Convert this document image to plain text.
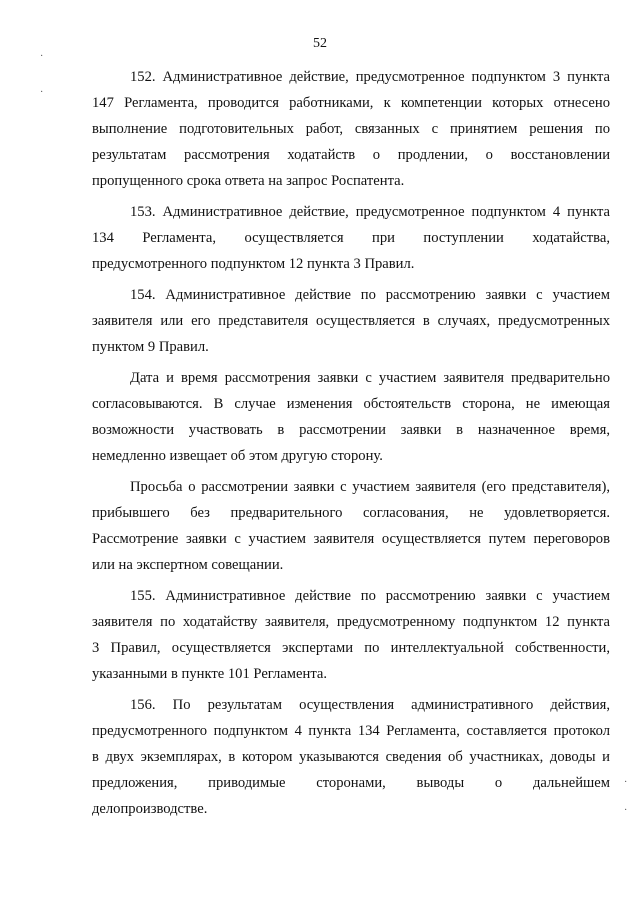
52
152. Административное действие, предусмотренное подпунктом 3 пункта
147 Регламента, проводится работниками, к компетенции которых отнесено
выполнение подготовительных работ, связанных с принятием решения по
результатам рассмотрения ходатайств о продлении, о восстановлении
пропущенного срока ответа на запрос Роспатента.
153. Административное действие, предусмотренное подпунктом 4 пункта
134 Регламента, осуществляется при поступлении ходатайства,
предусмотренного подпунктом 12 пункта 3 Правил.
154. Административное действие по рассмотрению заявки с участием
заявителя или его представителя осуществляется в случаях, предусмотренных
пунктом 9 Правил.
Дата и время рассмотрения заявки с участием заявителя предварительно
согласовываются. В случае изменения обстоятельств сторона, не имеющая
возможности участвовать в рассмотрении заявки в назначенное время,
немедленно извещает об этом другую сторону.
Просьба о рассмотрении заявки с участием заявителя (его представителя),
прибывшего без предварительного согласования, не удовлетворяется.
Рассмотрение заявки с участием заявителя осуществляется путем переговоров
или на экспертном совещании.
155. Административное действие по рассмотрению заявки с участием
заявителя по ходатайству заявителя, предусмотренному подпунктом 12 пункта
3 Правил, осуществляется экспертами по интеллектуальной собственности,
указанными в пункте 101 Регламента.
156. По результатам осуществления административного действия,
предусмотренного подпунктом 4 пункта 134 Регламента, составляется протокол
в двух экземплярах, в котором указываются сведения об участниках, доводы и
предложения, приводимые сторонами, выводы о дальнейшем
делопроизводстве.
·
·
·
·
